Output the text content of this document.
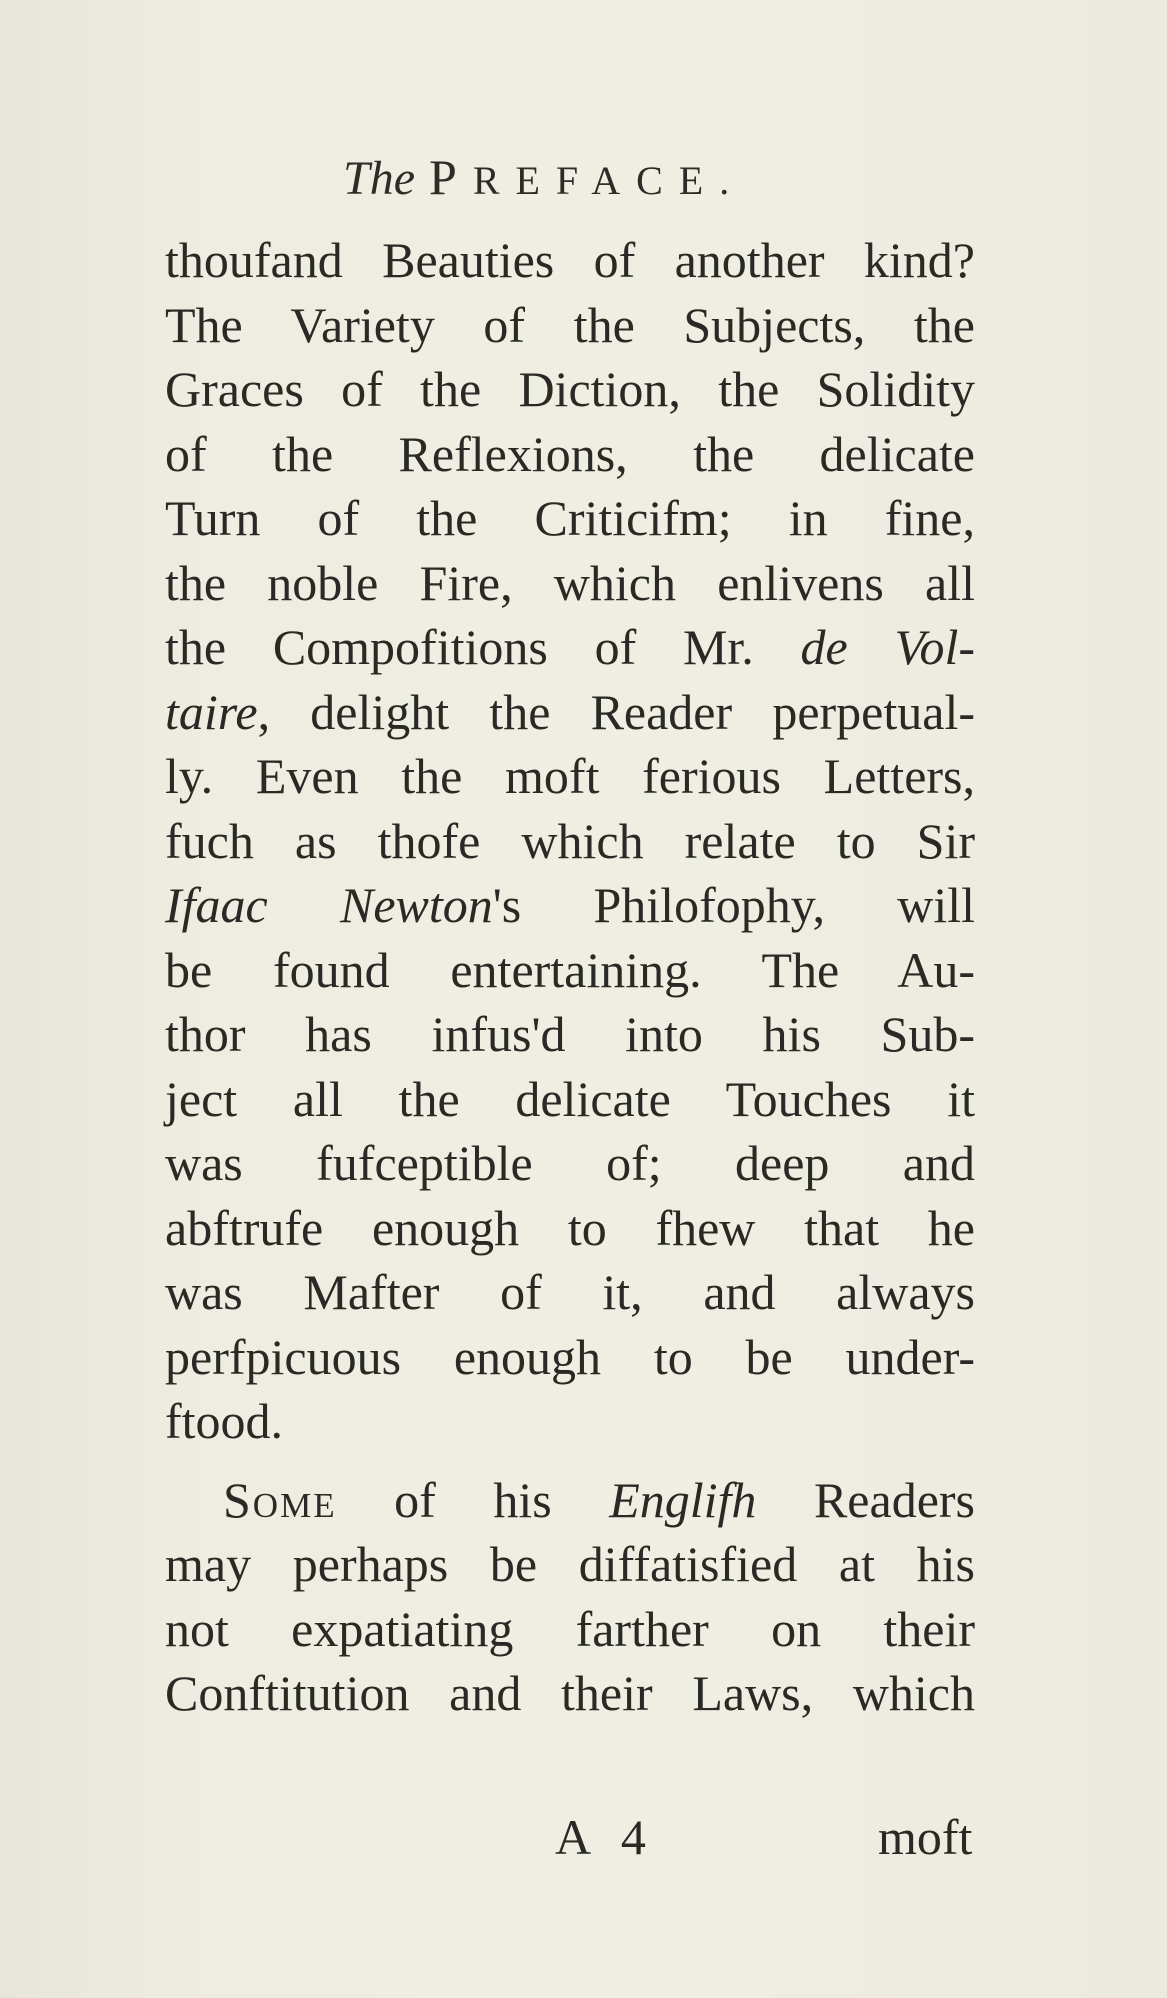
The PREFACE.
thoufand Beauties of another kind?
The Variety of the Subjects, the
Graces of the Diction, the Solidity
of the Reflexions, the delicate
Turn of the Criticifm; in fine,
the noble Fire, which enlivens all
the Compofitions of Mr. de Vol-
taire, delight the Reader perpetual-
ly. Even the moft ferious Letters,
fuch as thofe which relate to Sir
Ifaac Newton's Philofophy, will
be found entertaining. The Au-
thor has infus'd into his Sub-
ject all the delicate Touches it
was fufceptible of; deep and
abftrufe enough to fhew that he
was Mafter of it, and always
perfpicuous enough to be under-
ftood.
Some of his Englifh Readers
may perhaps be diffatisfied at his
not expatiating farther on their
Conftitution and their Laws, which
A 4	moft
